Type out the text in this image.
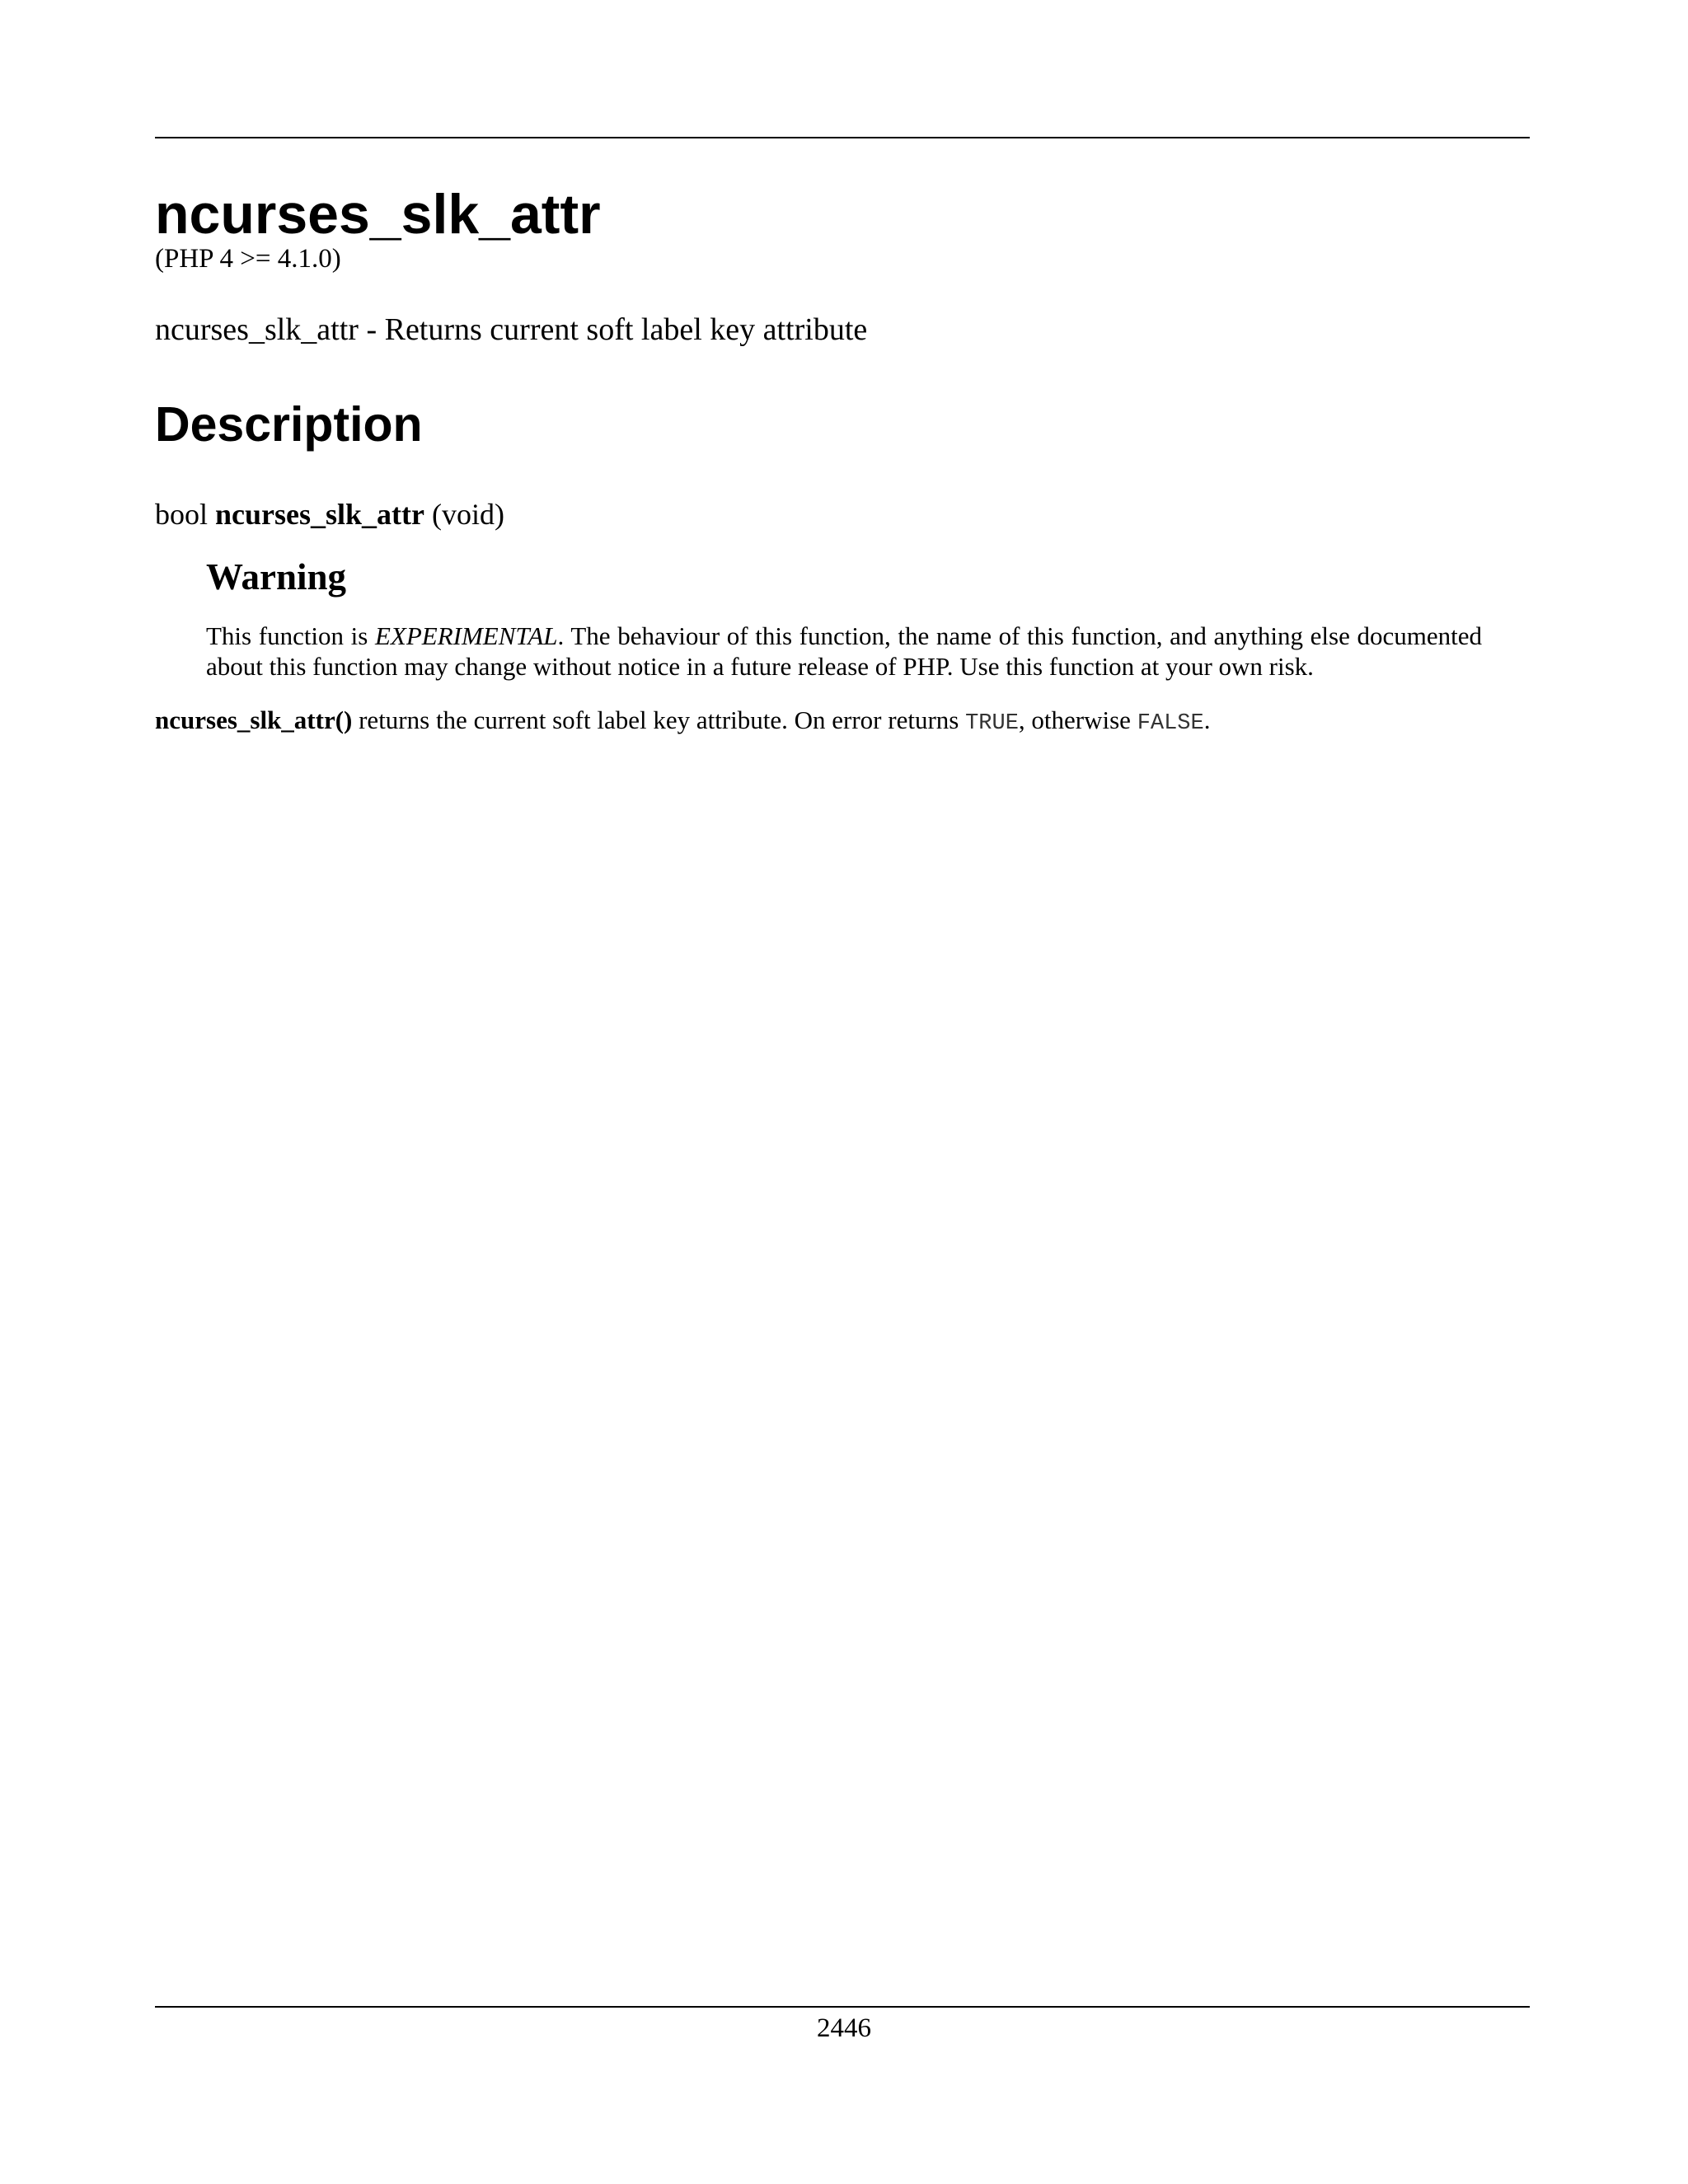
ncurses_slk_attr
(PHP 4 >= 4.1.0)
ncurses_slk_attr - Returns current soft label key attribute
Description
bool ncurses_slk_attr (void)
Warning

This function is EXPERIMENTAL. The behaviour of this function, the name of this function, and anything else documented about this function may change without notice in a future release of PHP. Use this function at your own risk.

ncurses_slk_attr() returns the current soft label key attribute. On error returns TRUE, otherwise FALSE.

2446
